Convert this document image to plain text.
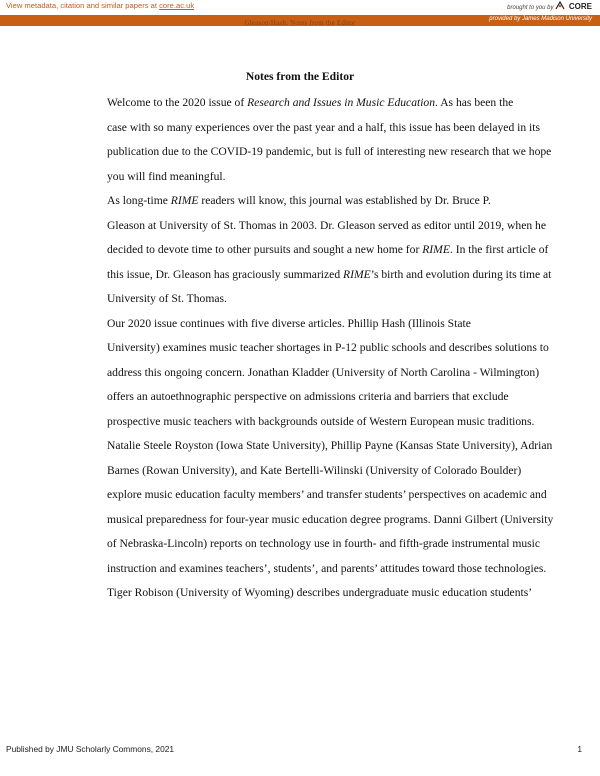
View metadata, citation and similar papers at core.ac.uk	brought to you by CORE
provided by James Madison University
Gleason/Hash: Notes from the Editor
Notes from the Editor

Welcome to the 2020 issue of Research and Issues in Music Education. As has been the
case with so many experiences over the past year and a half, this issue has been delayed in its
publication due to the COVID-19 pandemic, but is full of interesting new research that we hope
you will find meaningful.

As long-time RIME readers will know, this journal was established by Dr. Bruce P.
Gleason at University of St. Thomas in 2003. Dr. Gleason served as editor until 2019, when he
decided to devote time to other pursuits and sought a new home for RIME. In the first article of
this issue, Dr. Gleason has graciously summarized RIME’s birth and evolution during its time at
University of St. Thomas.

Our 2020 issue continues with five diverse articles. Phillip Hash (Illinois State
University) examines music teacher shortages in P-12 public schools and describes solutions to
address this ongoing concern. Jonathan Kladder (University of North Carolina - Wilmington)
offers an autoethnographic perspective on admissions criteria and barriers that exclude
prospective music teachers with backgrounds outside of Western European music traditions.
Natalie Steele Royston (Iowa State University), Phillip Payne (Kansas State University), Adrian
Barnes (Rowan University), and Kate Bertelli-Wilinski (University of Colorado Boulder)
explore music education faculty members’ and transfer students’ perspectives on academic and
musical preparedness for four-year music education degree programs. Danni Gilbert (University
of Nebraska-Lincoln) reports on technology use in fourth- and fifth-grade instrumental music
instruction and examines teachers’, students’, and parents’ attitudes toward those technologies.
Tiger Robison (University of Wyoming) describes undergraduate music education students’

Published by JMU Scholarly Commons, 2021	1
